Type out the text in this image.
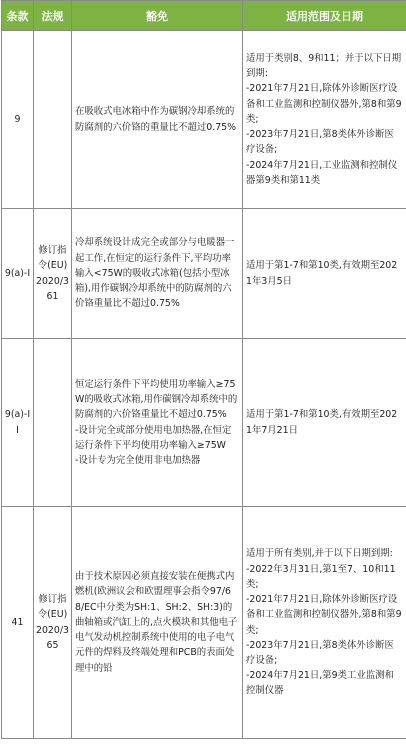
条款	法规	豁免	适用范围及日期
9		在吸收式电冰箱中作为碳钢冷却系统的防腐剂的六价铬的重量比不超过0.75%	适用于类别8、9和11；并于以下日期到期:
-2021年7月21日,除体外诊断医疗设备和工业监测和控制仪器外,第8和第9类;
-2023年7月21日,第8类体外诊断医疗设备;
-2024年7月21日,工业监测和控制仪器第9类和第11类

9(a)-I	修订指令(EU) 2020/361	冷却系统设计成完全或部分与电暖器一起工作,在恒定的运行条件下,平均功率输入<75W的吸收式冰箱(包括小型冰箱),用作碳钢冷却系统中的防腐剂的六价铬重量比不超过0.75%	适用于第1-7和第10类,有效期至2021年3月5日

9(a)-II		恒定运行条件下平均使用功率输入≥75W的吸收式冰箱,用作碳钢冷却系统中的防腐剂的六价铬重量比不超过0.75%
-设计完全或部分使用电加热器,在恒定运行条件下平均使用功率输入≥75W
-设计专为完全使用非电加热器	适用于第1-7和第10类,有效期至2021年7月21日

41	修订指令(EU) 2020/365	由于技术原因必须直接安装在便携式内燃机(欧洲议会和欧盟理事会指令97/68/EC中分类为SH:1、SH:2、SH:3)的曲轴箱或汽缸上的,点火模块和其他电子电气发动机控制系统中使用的电子电气元件的焊料及终端处理和PCB的表面处理中的铅	适用于所有类别,并于以下日期到期:
-2022年3月31日,第1至7、10和11类;
-2021年7月21日,除体外诊断医疗设备和工业监测和控制仪器外,第8和第9类;
-2023年7月21日,第8类体外诊断医疗设备;
-2024年7月21日,第9类工业监测和控制仪器
